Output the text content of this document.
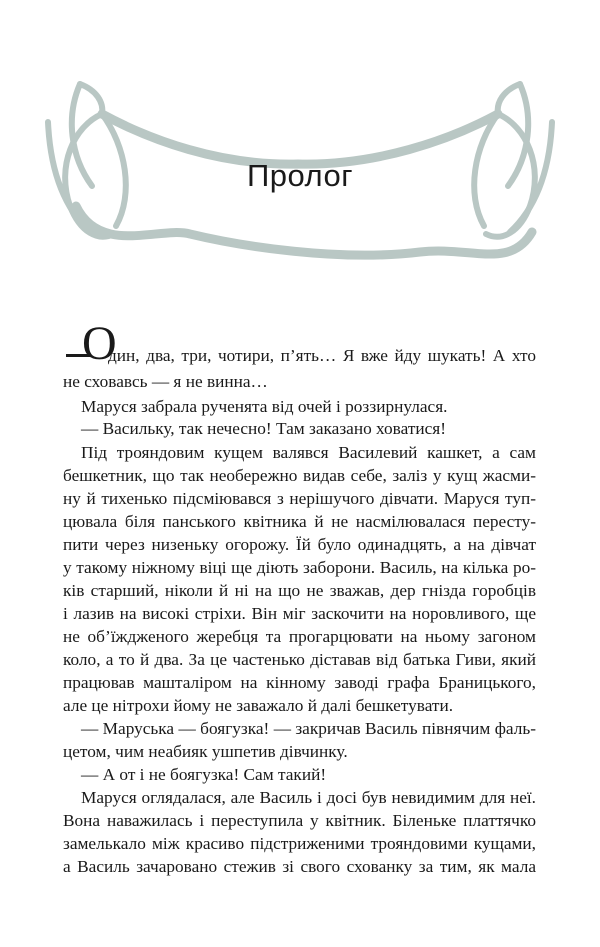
Пролог
О
дин, два, три, чотири, п’ять… Я вже йду шукать! А хто
не сховавсь — я не винна…
Маруся забрала рученята від очей і роззирнулася.
— Васильку, так нечесно! Там заказано ховатися!
Під трояндовим кущем валявся Василевий кашкет, а сам
бешкетник, що так необережно видав себе, заліз у кущ жасми-
ну й тихенько підсміювався з нерішучого дівчати. Маруся туп-
цювала біля панського квітника й не насмілювалася пересту-
пити через низеньку огорожу. Їй було одинадцять, а на дівчат
у такому ніжному віці ще діють заборони. Василь, на кілька ро-
ків старший, ніколи й ні на що не зважав, дер гнізда горобців
і лазив на високі стріхи. Він міг заскочити на норовливого, ще
не об’їждженого жеребця та прогарцювати на ньому загоном
коло, а то й два. За це частенько діставав від батька Гиви, який
працював машталіром на кінному заводі графа Браницького,
але це нітрохи йому не заважало й далі бешкетувати.
— Маруська — боягузка! — закричав Василь півнячим фаль-
цетом, чим неабияк ушпетив дівчинку.
— А от і не боягузка! Сам такий!
Маруся оглядалася, але Василь і досі був невидимим для неї.
Вона наважилась і переступила у квітник. Біленьке платтячко
замелькало між красиво підстриженими трояндовими кущами,
а Василь зачаровано стежив зі свого схованку за тим, як мала
